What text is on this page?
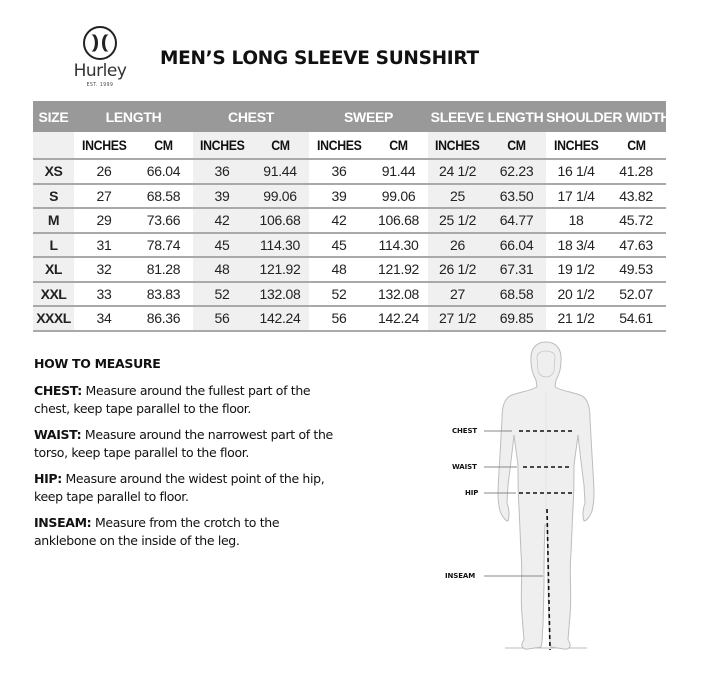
Hurley
EST. 1999
MEN’S LONG SLEEVE SUNSHIRT
SIZE	LENGTH		CHEST		SWEEP		SLEEVE LENGTH		SHOULDER WIDTH	
	INCHES	CM	INCHES	CM	INCHES	CM	INCHES	CM	INCHES	CM
XS	26	66.04	36	91.44	36	91.44	24 1/2	62.23	16 1/4	41.28
S	27	68.58	39	99.06	39	99.06	25	63.50	17 1/4	43.82
M	29	73.66	42	106.68	42	106.68	25 1/2	64.77	18	45.72
L	31	78.74	45	114.30	45	114.30	26	66.04	18 3/4	47.63
XL	32	81.28	48	121.92	48	121.92	26 1/2	67.31	19 1/2	49.53
XXL	33	83.83	52	132.08	52	132.08	27	68.58	20 1/2	52.07
XXXL	34	86.36	56	142.24	56	142.24	27 1/2	69.85	21 1/2	54.61
HOW TO MEASURE

CHEST: Measure around the fullest part of the chest, keep tape parallel to the floor.

WAIST: Measure around the narrowest part of the torso, keep tape parallel to the floor.

HIP: Measure around the widest point of the hip, keep tape parallel to floor.

INSEAM: Measure from the crotch to the anklebone on the inside of the leg.

CHEST
WAIST
HIP
INSEAM
